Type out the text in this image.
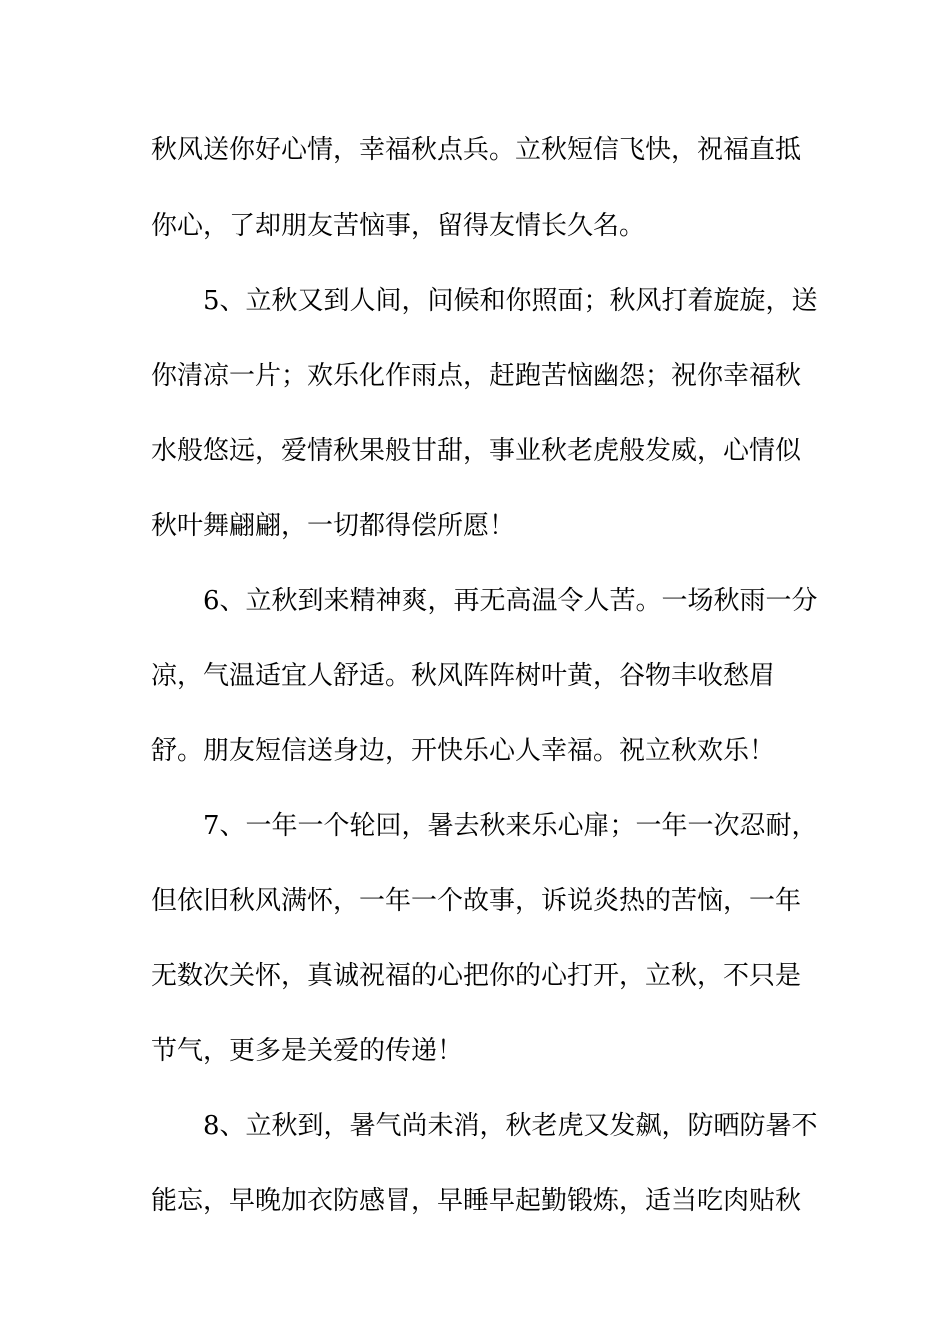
秋风送你好心情，幸福秋点兵。立秋短信飞快，祝福直抵
你心，了却朋友苦恼事，留得友情长久名。
5、立秋又到人间，问候和你照面；秋风打着旋旋，送
你清凉一片；欢乐化作雨点，赶跑苦恼幽怨；祝你幸福秋
水般悠远，爱情秋果般甘甜，事业秋老虎般发威，心情似
秋叶舞翩翩，一切都得偿所愿！
6、立秋到来精神爽，再无高温令人苦。一场秋雨一分
凉，气温适宜人舒适。秋风阵阵树叶黄，谷物丰收愁眉
舒。朋友短信送身边，开快乐心人幸福。祝立秋欢乐！
7、一年一个轮回，暑去秋来乐心扉；一年一次忍耐，
但依旧秋风满怀，一年一个故事，诉说炎热的苦恼，一年
无数次关怀，真诚祝福的心把你的心打开，立秋，不只是
节气，更多是关爱的传递！
8、立秋到，暑气尚未消，秋老虎又发飙，防晒防暑不
能忘，早晚加衣防感冒，早睡早起勤锻炼，适当吃肉贴秋
